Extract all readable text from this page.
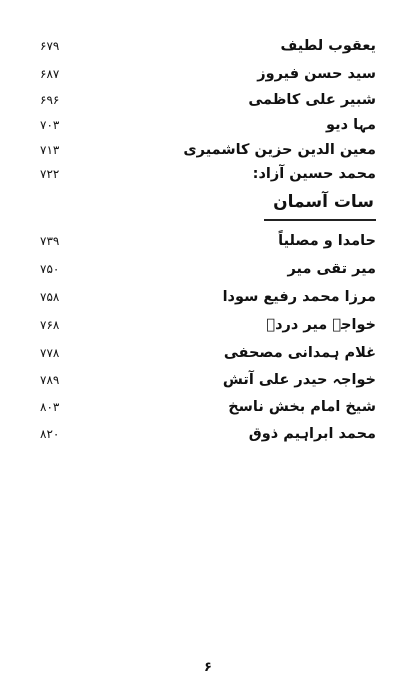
یعقوب لطیف
۶۷۹
سید حسن فیروز
۶۸۷
شبیر علی کاظمی
۶۹۶
مہا دیو
۷۰۳
معین الدین حزین کاشمیری
۷۱۳
محمد حسین آزاد:
۷۲۲
سات آسمان
حامدا و مصلیاً
۷۳۹
میر تقی میر
۷۵۰
مرزا محمد رفیع سودا
۷۵۸
خواجہ میر دردؔ
۷۶۸
غلام ہمدانی مصحفی
۷۷۸
خواجہ حیدر علی آتش
۷۸۹
شیخ امام بخش ناسخ
۸۰۳
محمد ابراہیم ذوق
۸۲۰
۶
